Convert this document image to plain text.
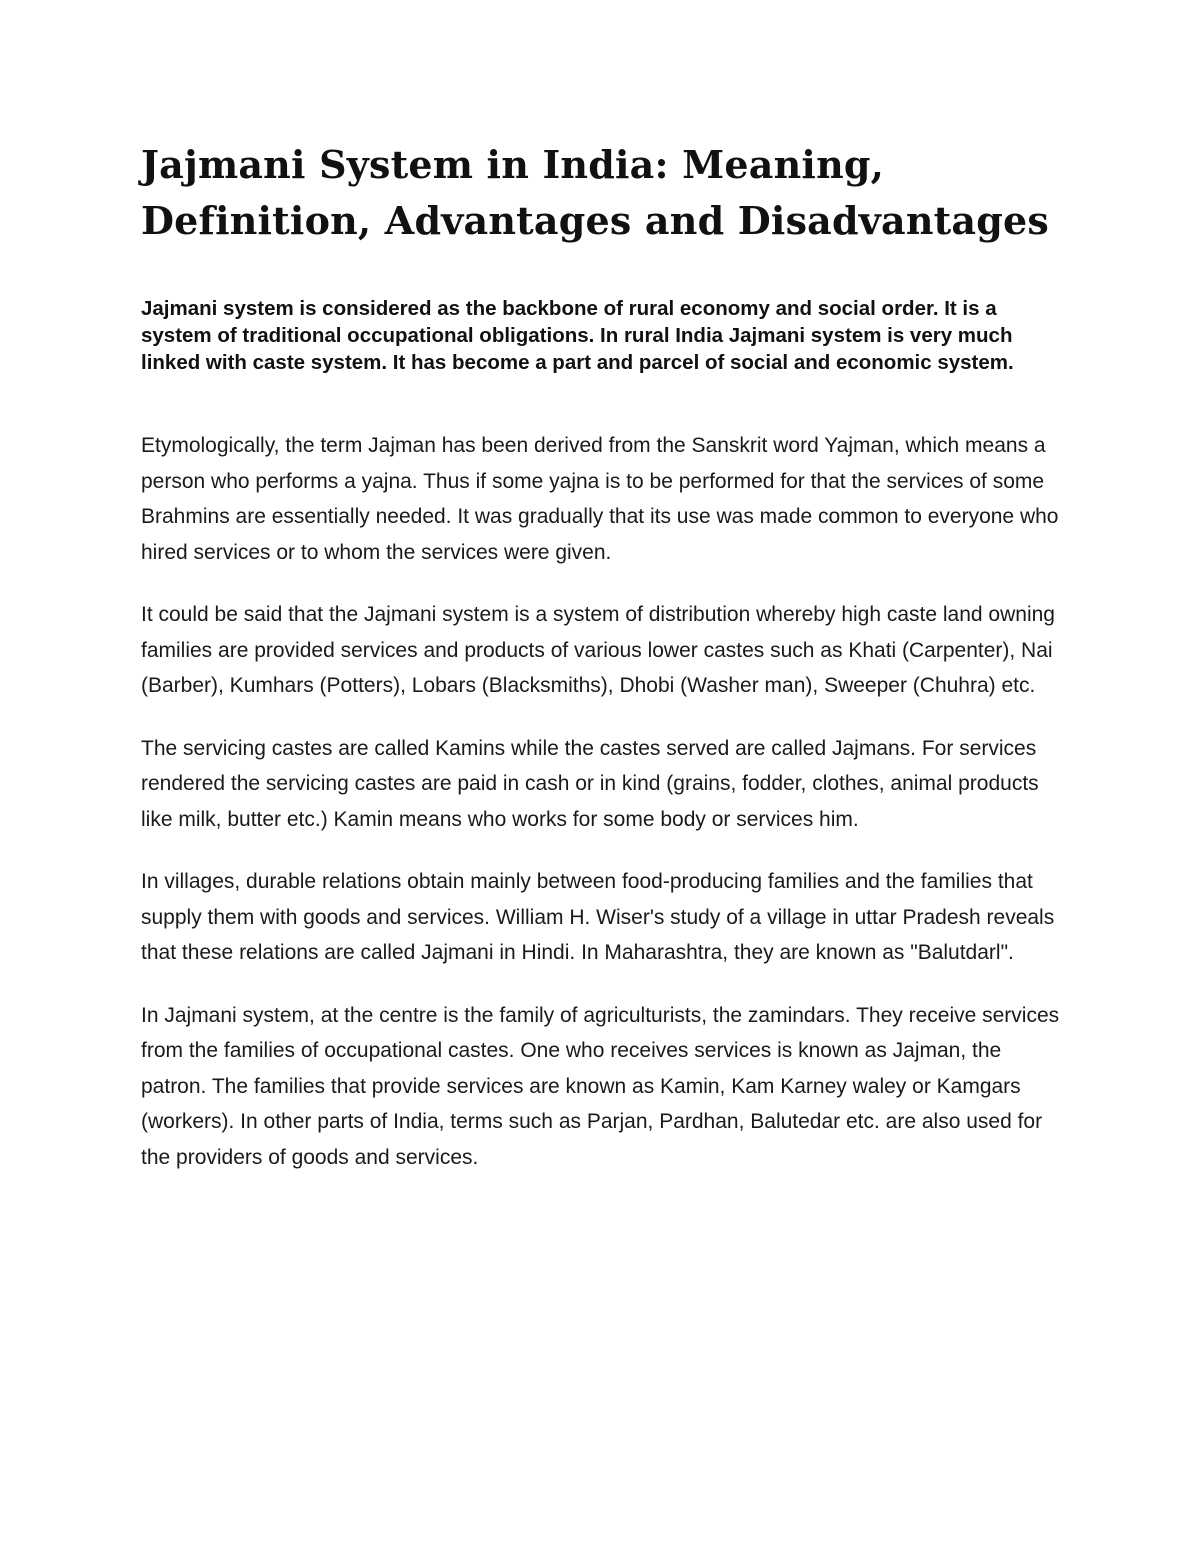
Jajmani System in India: Meaning, Definition, Advantages and Disadvantages

Jajmani system is considered as the backbone of rural economy and social order. It is a system of traditional occupational obligations. In rural India Jajmani system is very much linked with caste system. It has become a part and parcel of social and economic system.

Etymologically, the term Jajman has been derived from the Sanskrit word Yajman, which means a person who performs a yajna. Thus if some yajna is to be performed for that the services of some Brahmins are essentially needed. It was gradually that its use was made common to everyone who hired services or to whom the services were given.

It could be said that the Jajmani system is a system of distribution whereby high caste land owning families are provided services and products of various lower castes such as Khati (Carpenter), Nai (Barber), Kumhars (Potters), Lobars (Blacksmiths), Dhobi (Washer man), Sweeper (Chuhra) etc.

The servicing castes are called Kamins while the castes served are called Jajmans. For services rendered the servicing castes are paid in cash or in kind (grains, fodder, clothes, animal products like milk, butter etc.) Kamin means who works for some body or services him.

In villages, durable relations obtain mainly between food-producing families and the families that supply them with goods and services. William H. Wiser's study of a village in uttar Pradesh reveals that these relations are called Jajmani in Hindi. In Maharashtra, they are known as "Balutdarl".

In Jajmani system, at the centre is the family of agriculturists, the zamindars. They receive services from the families of occupational castes. One who receives services is known as Jajman, the patron. The families that provide services are known as Kamin, Kam Karney waley or Kamgars (workers). In other parts of India, terms such as Parjan, Pardhan, Balutedar etc. are also used for the providers of goods and services.
